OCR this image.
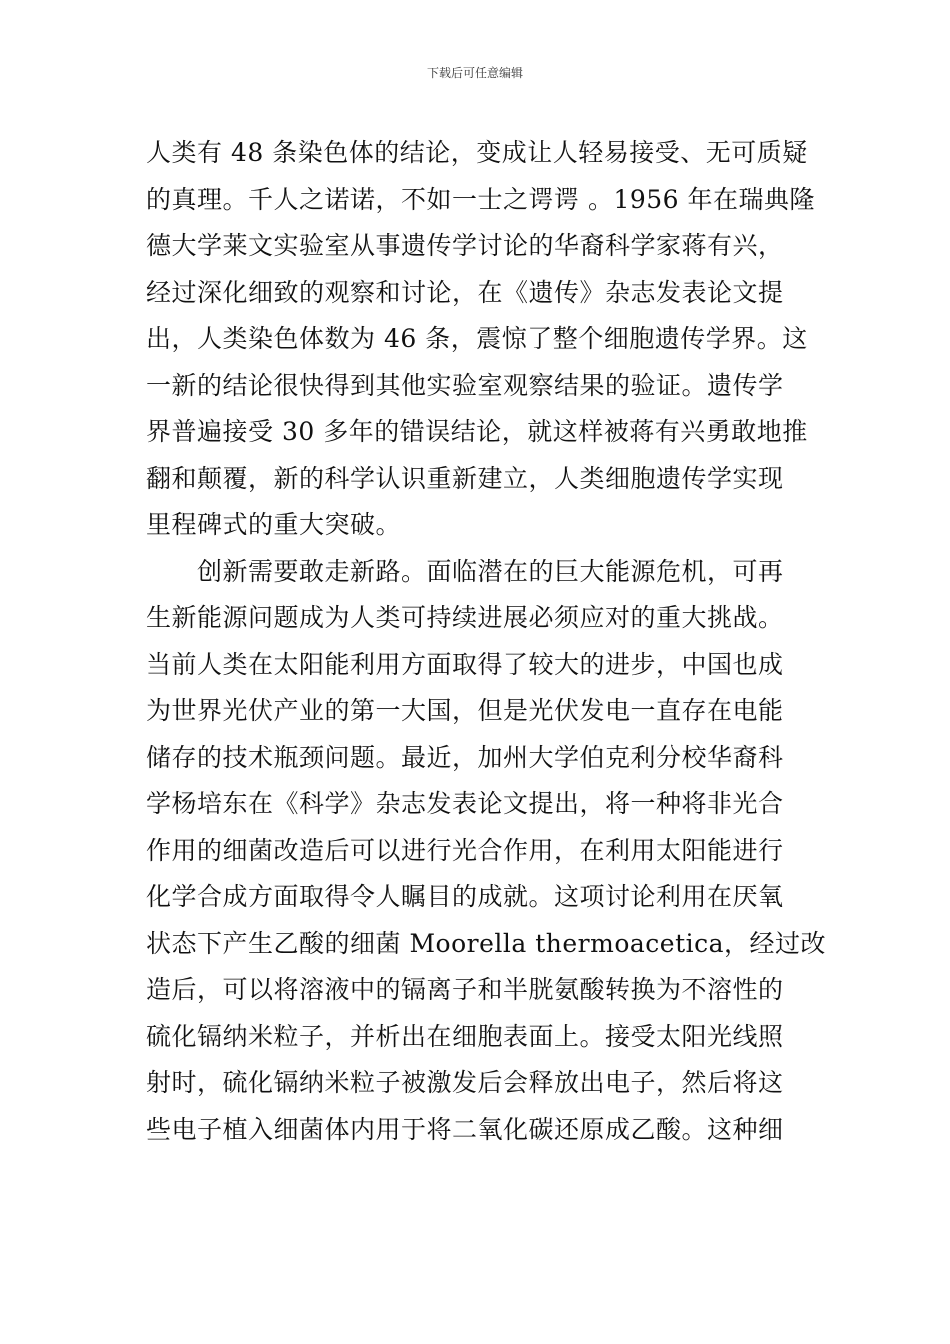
下载后可任意编辑
人类有 48 条染色体的结论，变成让人轻易接受、无可质疑
的真理。千人之诺诺，不如一士之谔谔 。1956 年在瑞典隆
德大学莱文实验室从事遗传学讨论的华裔科学家蒋有兴，
经过深化细致的观察和讨论，在《遗传》杂志发表论文提
出，人类染色体数为 46 条，震惊了整个细胞遗传学界。这
一新的结论很快得到其他实验室观察结果的验证。遗传学
界普遍接受 30 多年的错误结论，就这样被蒋有兴勇敢地推
翻和颠覆，新的科学认识重新建立，人类细胞遗传学实现
里程碑式的重大突破。
　　创新需要敢走新路。面临潜在的巨大能源危机，可再
生新能源问题成为人类可持续进展必须应对的重大挑战。
当前人类在太阳能利用方面取得了较大的进步，中国也成
为世界光伏产业的第一大国，但是光伏发电一直存在电能
储存的技术瓶颈问题。最近，加州大学伯克利分校华裔科
学杨培东在《科学》杂志发表论文提出，将一种将非光合
作用的细菌改造后可以进行光合作用，在利用太阳能进行
化学合成方面取得令人瞩目的成就。这项讨论利用在厌氧
状态下产生乙酸的细菌 Moorella thermoacetica，经过改
造后，可以将溶液中的镉离子和半胱氨酸转换为不溶性的
硫化镉纳米粒子，并析出在细胞表面上。接受太阳光线照
射时，硫化镉纳米粒子被激发后会释放出电子，然后将这
些电子植入细菌体内用于将二氧化碳还原成乙酸。这种细
